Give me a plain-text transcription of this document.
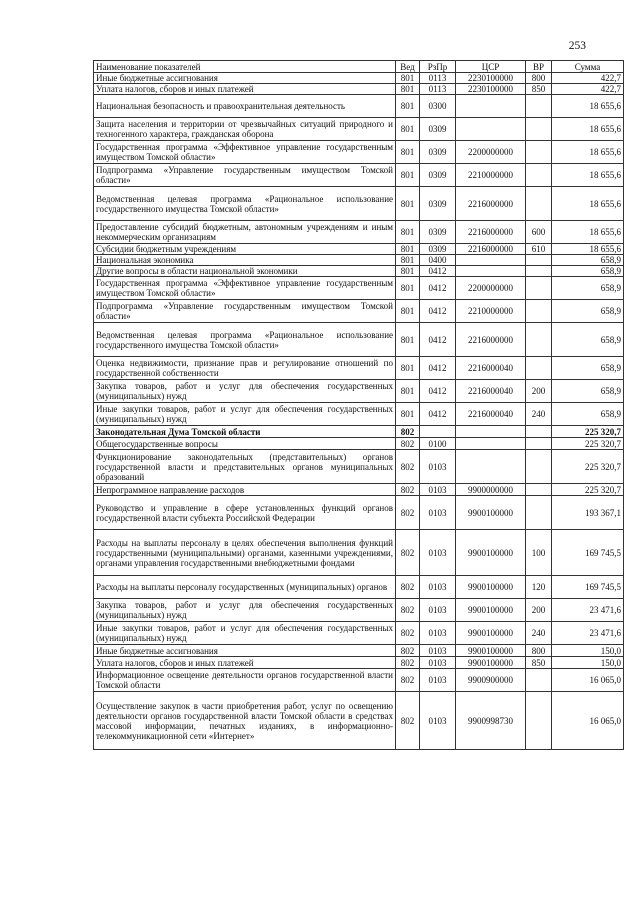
253
Наименование показателей	Вед	РзПр	ЦСР	ВР	Сумма
Иные бюджетные ассигнования	801	0113	2230100000	800	422,7
Уплата налогов, сборов и иных платежей	801	0113	2230100000	850	422,7
Национальная безопасность и правоохранительная деятельность	801	0300			18 655,6
Защита населения и территории от чрезвычайных ситуаций природного и техногенного характера, гражданская оборона	801	0309			18 655,6
Государственная программа «Эффективное управление государственным имуществом Томской области»	801	0309	2200000000		18 655,6
Подпрограмма «Управление государственным имуществом Томской области»	801	0309	2210000000		18 655,6
Ведомственная целевая программа «Рациональное использование государственного имущества Томской области»	801	0309	2216000000		18 655,6
Предоставление субсидий бюджетным, автономным учреждениям и иным некоммерческим организациям	801	0309	2216000000	600	18 655,6
Субсидии бюджетным учреждениям	801	0309	2216000000	610	18 655,6
Национальная экономика	801	0400			658,9
Другие вопросы в области национальной экономики	801	0412			658,9
Государственная программа «Эффективное управление государственным имуществом Томской области»	801	0412	2200000000		658,9
Подпрограмма «Управление государственным имуществом Томской области»	801	0412	2210000000		658,9
Ведомственная целевая программа «Рациональное использование государственного имущества Томской области»	801	0412	2216000000		658,9
Оценка недвижимости, признание прав и регулирование отношений по государственной собственности	801	0412	2216000040		658,9
Закупка товаров, работ и услуг для обеспечения государственных (муниципальных) нужд	801	0412	2216000040	200	658,9
Иные закупки товаров, работ и услуг для обеспечения государственных (муниципальных) нужд	801	0412	2216000040	240	658,9
Законодательная Дума Томской области	802				225 320,7
Общегосударственные вопросы	802	0100			225 320,7
Функционирование законодательных (представительных) органов государственной власти и представительных органов муниципальных образований	802	0103			225 320,7
Непрограммное направление расходов	802	0103	9900000000		225 320,7
Руководство и управление в сфере установленных функций органов государственной власти субъекта Российской Федерации	802	0103	9900100000		193 367,1
Расходы на выплаты персоналу в целях обеспечения выполнения функций государственными (муниципальными) органами, казенными учреждениями, органами управления государственными внебюджетными фондами	802	0103	9900100000	100	169 745,5
Расходы на выплаты персоналу государственных (муниципальных) органов	802	0103	9900100000	120	169 745,5
Закупка товаров, работ и услуг для обеспечения государственных (муниципальных) нужд	802	0103	9900100000	200	23 471,6
Иные закупки товаров, работ и услуг для обеспечения государственных (муниципальных) нужд	802	0103	9900100000	240	23 471,6
Иные бюджетные ассигнования	802	0103	9900100000	800	150,0
Уплата налогов, сборов и иных платежей	802	0103	9900100000	850	150,0
Информационное освещение деятельности органов государственной власти Томской области	802	0103	9900900000		16 065,0
Осуществление закупок в части приобретения работ, услуг по освещению деятельности органов государственной власти Томской области в средствах массовой информации, печатных изданиях, в информационно-телекоммуникационной сети «Интернет»	802	0103	9900998730		16 065,0
